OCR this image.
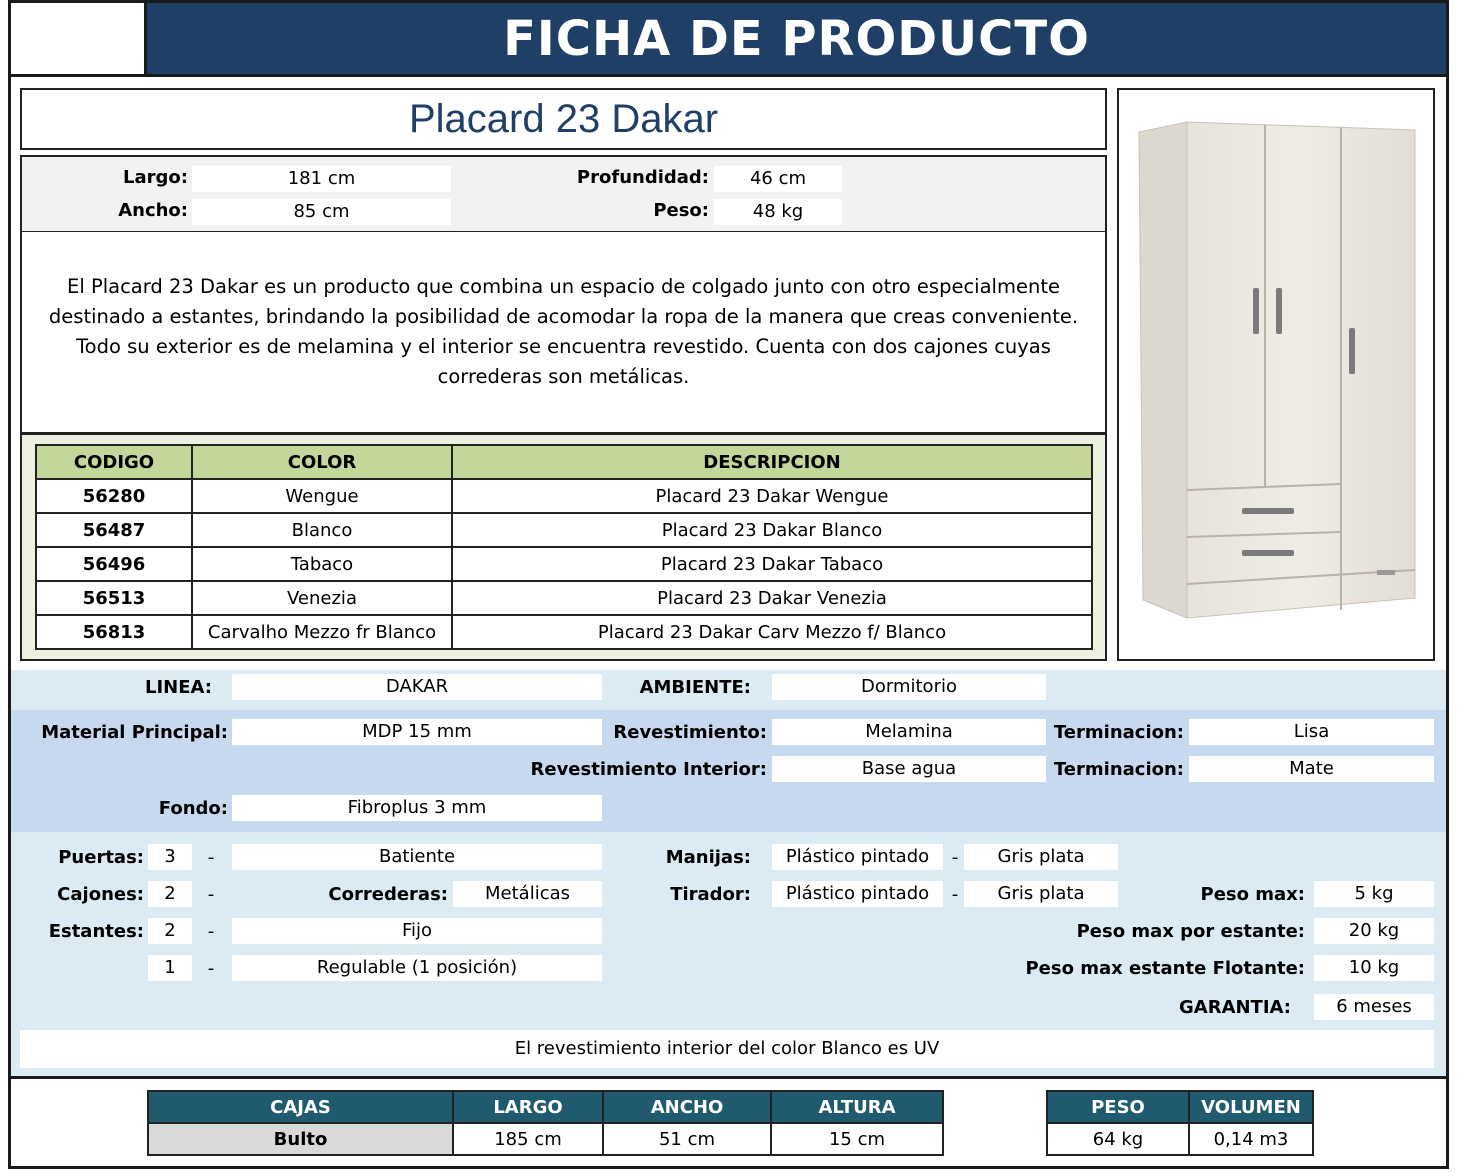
FICHA DE PRODUCTO
Placard 23 Dakar
Largo:	181 cm
Ancho:	85 cm
Profundidad:	46 cm
Peso:	48 kg
El Placard 23 Dakar es un producto que combina un espacio de colgado junto con otro especialmente destinado a estantes, brindando la posibilidad de acomodar la ropa de la manera que creas conveniente. Todo su exterior es de melamina y el interior se encuentra revestido. Cuenta con dos cajones cuyas correderas son metálicas.
CODIGO	COLOR	DESCRIPCION
56280	Wengue	Placard 23 Dakar Wengue
56487	Blanco	Placard 23 Dakar Blanco
56496	Tabaco	Placard 23 Dakar Tabaco
56513	Venezia	Placard 23 Dakar Venezia
56813	Carvalho Mezzo fr Blanco	Placard 23 Dakar Carv Mezzo f/ Blanco
LINEA:	DAKAR	AMBIENTE:	Dormitorio
Material Principal:	MDP 15 mm	Revestimiento:	Melamina	Terminacion:	Lisa
Revestimiento Interior:	Base agua	Terminacion:	Mate
Fondo:	Fibroplus 3 mm
Puertas:	3	-	Batiente	Manijas:	Plástico pintado	-	Gris plata
Cajones:	2	-	Correderas:	Metálicas	Tirador:	Plástico pintado	-	Gris plata	Peso max:	5 kg
Estantes:	2	-	Fijo	Peso max por estante:	20 kg
1	-	Regulable (1 posición)	Peso max estante Flotante:	10 kg
GARANTIA:	6 meses
El revestimiento interior del color Blanco es UV
CAJAS	LARGO	ANCHO	ALTURA
Bulto	185 cm	51 cm	15 cm
PESO	VOLUMEN
64 kg	0,14 m3
